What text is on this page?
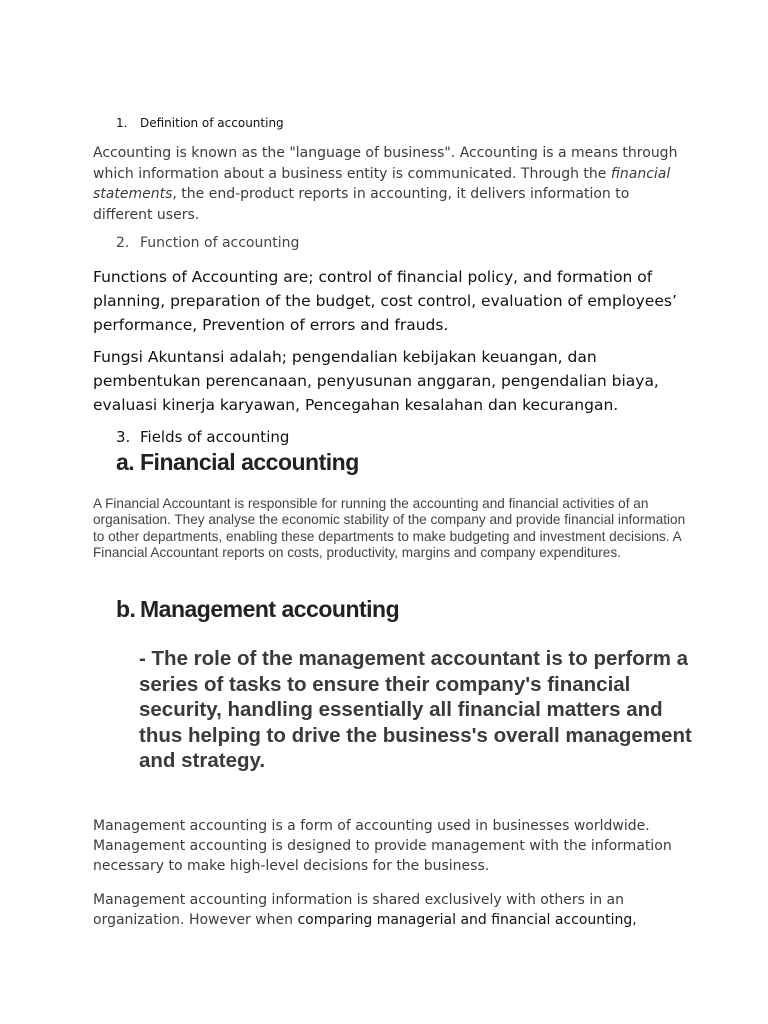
1. Definition of accounting
Accounting is known as the "language of business". Accounting is a means through which information about a business entity is communicated. Through the financial statements, the end-product reports in accounting, it delivers information to different users.
2. Function of accounting
Functions of Accounting are; control of financial policy, and formation of planning, preparation of the budget, cost control, evaluation of employees’ performance, Prevention of errors and frauds.
Fungsi Akuntansi adalah; pengendalian kebijakan keuangan, dan pembentukan perencanaan, penyusunan anggaran, pengendalian biaya, evaluasi kinerja karyawan, Pencegahan kesalahan dan kecurangan.
3. Fields of accounting
a. Financial accounting
A Financial Accountant is responsible for running the accounting and financial activities of an organisation. They analyse the economic stability of the company and provide financial information to other departments, enabling these departments to make budgeting and investment decisions. A Financial Accountant reports on costs, productivity, margins and company expenditures.
b. Management accounting
- The role of the management accountant is to perform a series of tasks to ensure their company's financial security, handling essentially all financial matters and thus helping to drive the business's overall management and strategy.
Management accounting is a form of accounting used in businesses worldwide. Management accounting is designed to provide management with the information necessary to make high-level decisions for the business.
Management accounting information is shared exclusively with others in an organization. However when comparing managerial and financial accounting,
